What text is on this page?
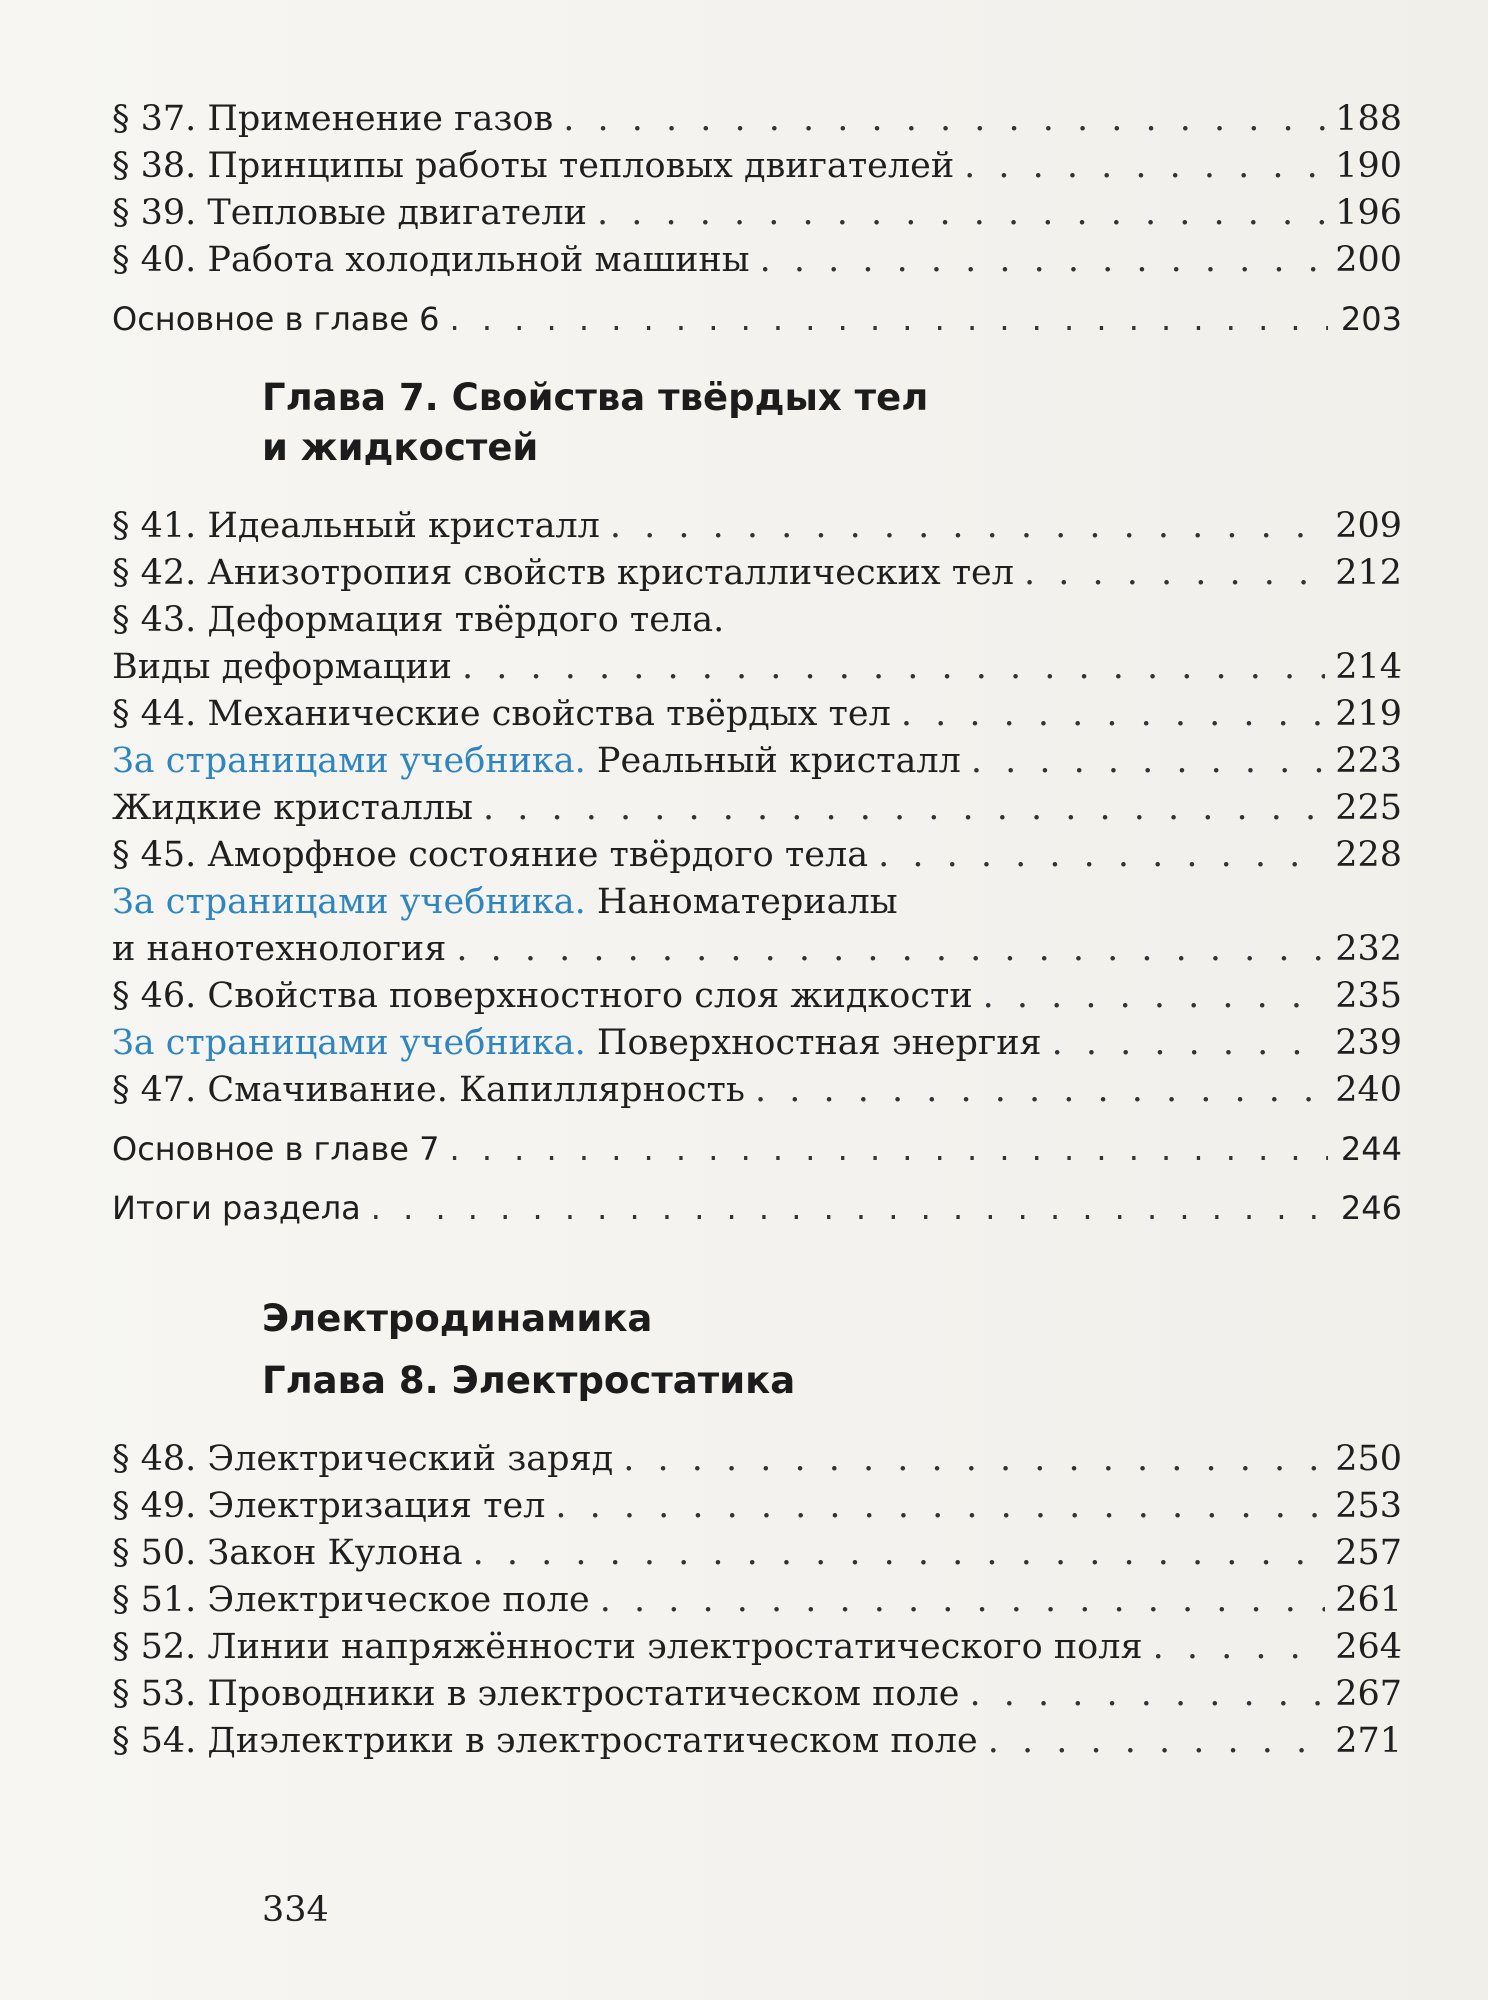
§ 37. Применение газов . . .	188
§ 38. Принципы работы тепловых двигателей . . .	190
§ 39. Тепловые двигатели . . .	196
§ 40. Работа холодильной машины . . .	200
Основное в главе 6 . . .	203
Глава 7. Свойства твёрдых тел
и жидкостей
§ 41. Идеальный кристалл . . .	209
§ 42. Анизотропия свойств кристаллических тел . . .	212
§ 43. Деформация твёрдого тела.
Виды деформации . . .	214
§ 44. Механические свойства твёрдых тел . . .	219
За страницами учебника. Реальный кристалл . . .	223
Жидкие кристаллы . . .	225
§ 45. Аморфное состояние твёрдого тела . . .	228
За страницами учебника. Наноматериалы
и нанотехнология . . .	232
§ 46. Свойства поверхностного слоя жидкости . . .	235
За страницами учебника. Поверхностная энергия . . .	239
§ 47. Смачивание. Капиллярность . . .	240
Основное в главе 7 . . .	244
Итоги раздела . . .	246
Электродинамика
Глава 8. Электростатика
§ 48. Электрический заряд . . .	250
§ 49. Электризация тел . . .	253
§ 50. Закон Кулона . . .	257
§ 51. Электрическое поле . . .	261
§ 52. Линии напряжённости электростатического поля . . .	264
§ 53. Проводники в электростатическом поле . . .	267
§ 54. Диэлектрики в электростатическом поле . . .	271
334
